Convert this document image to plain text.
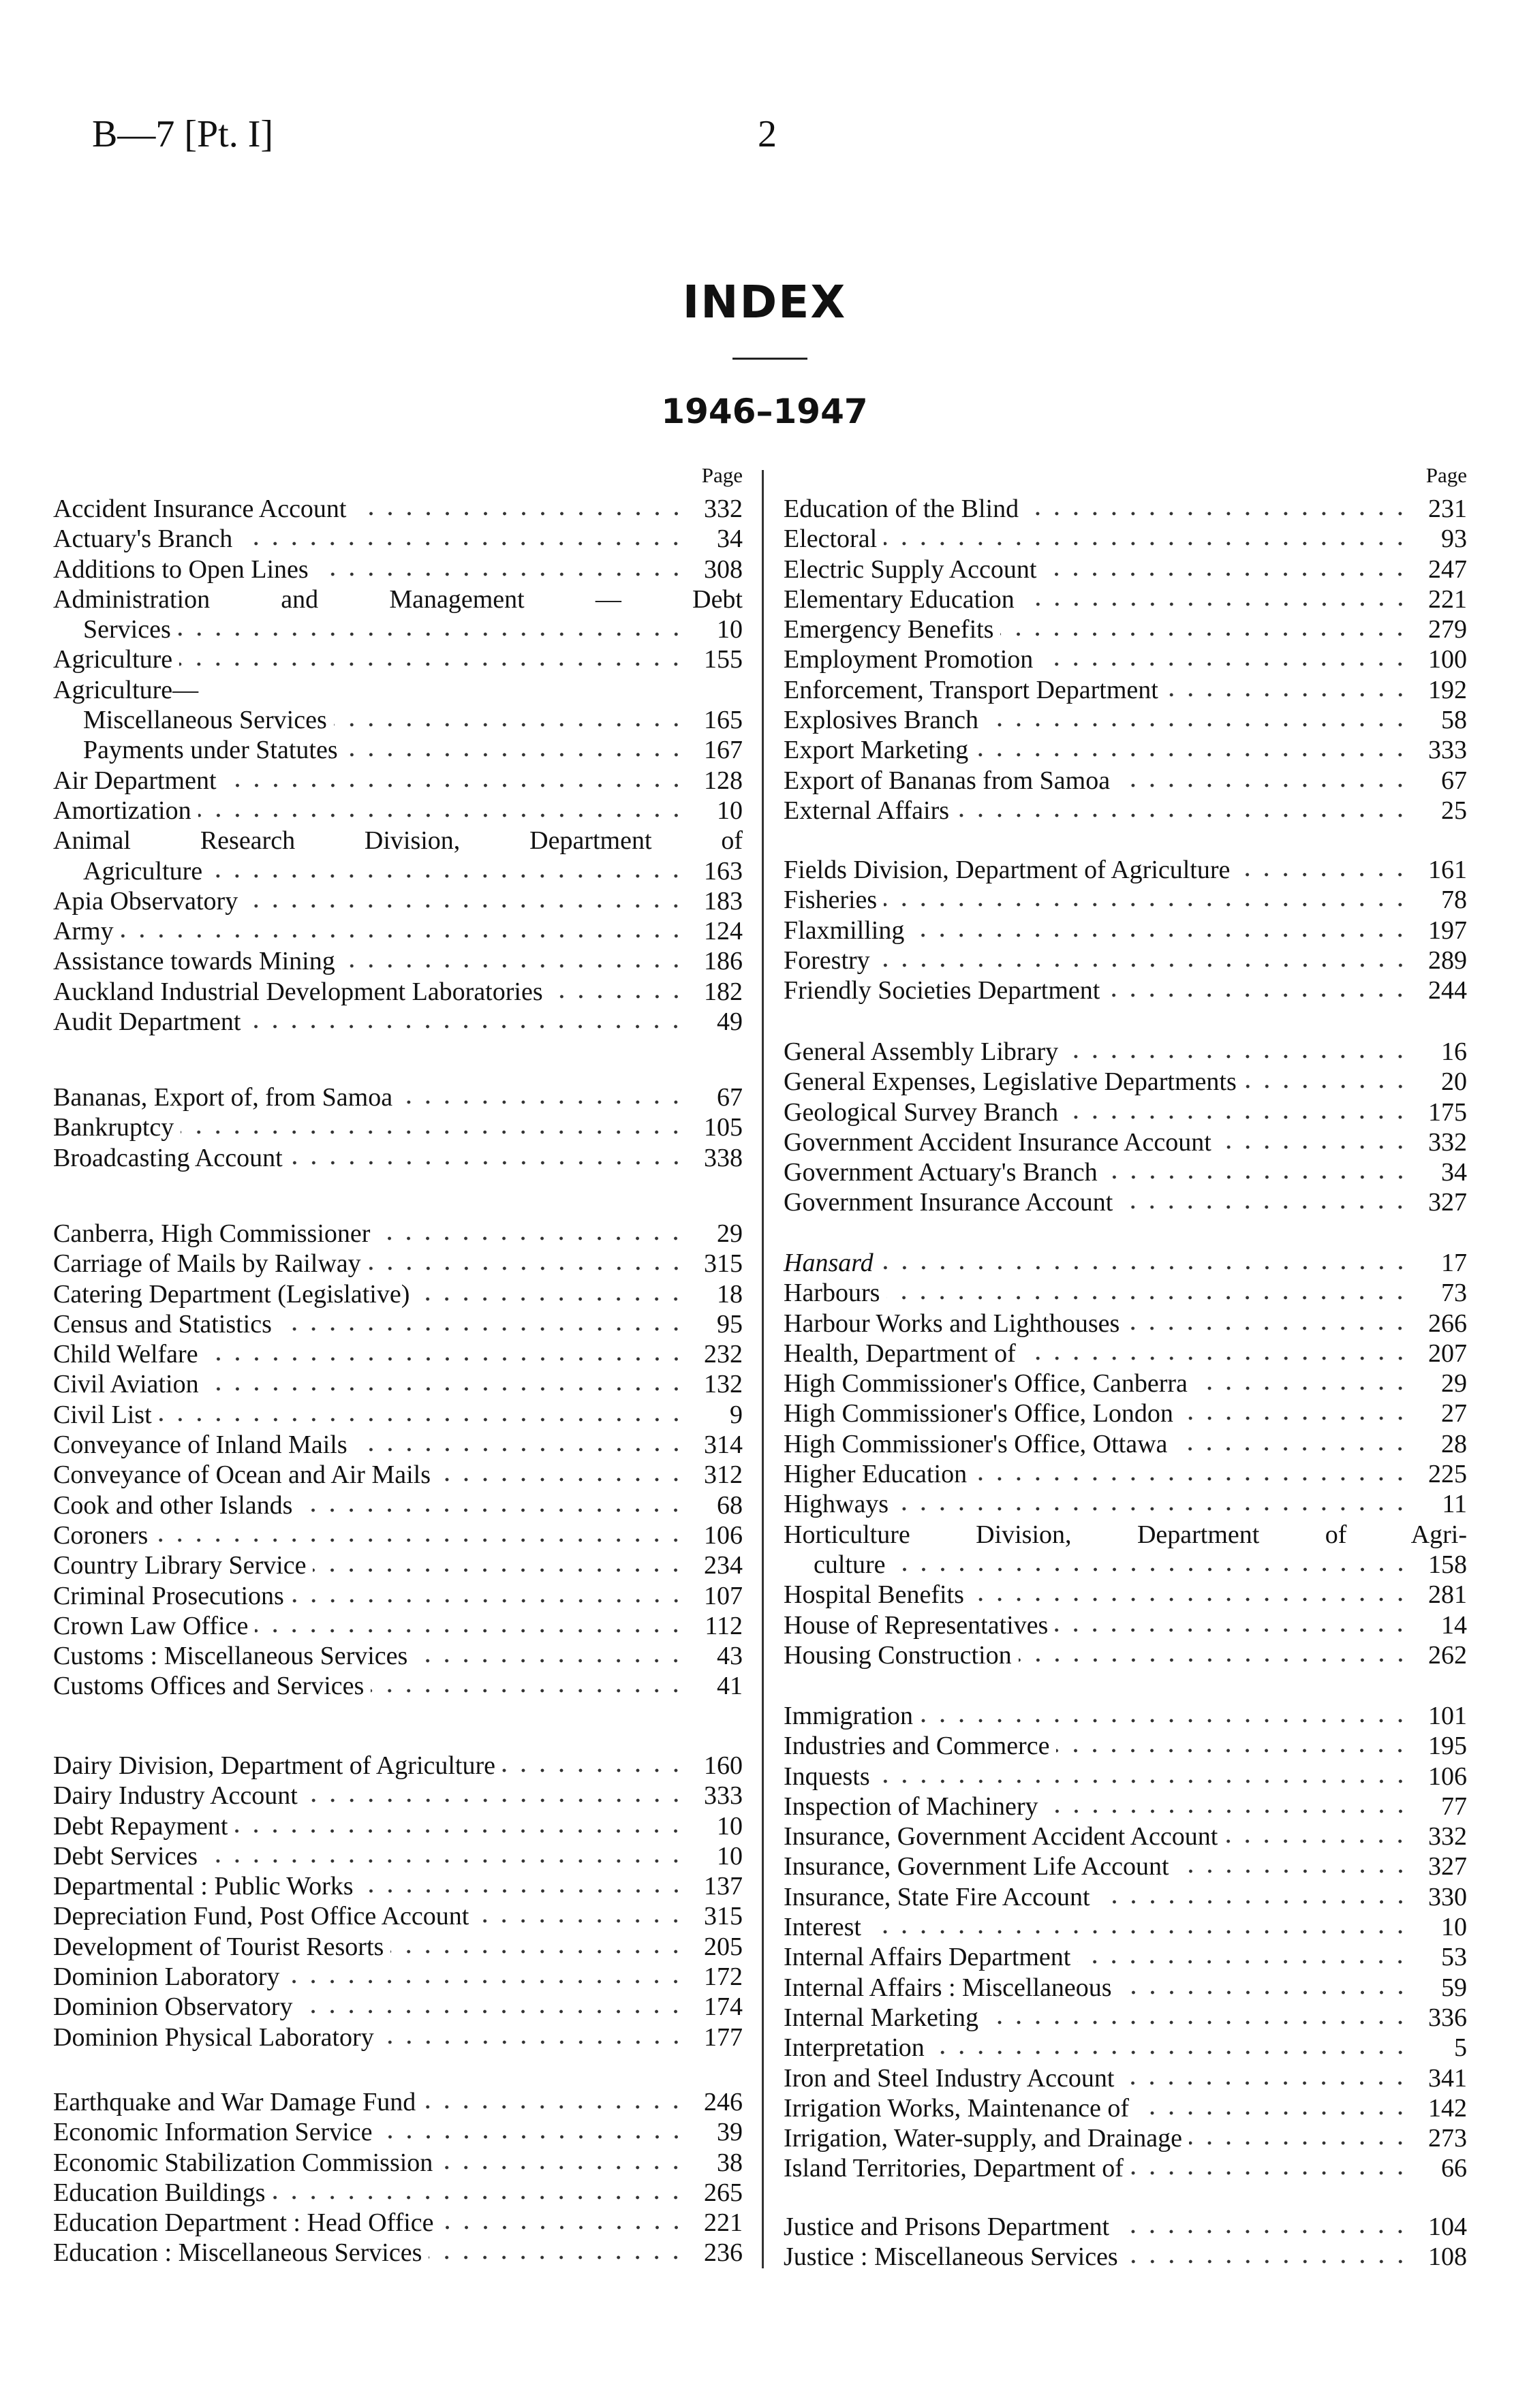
B—7 [Pt. I]	2
INDEX
1946–1947
Page
Accident Insurance Account	332
Actuary's Branch	34
Additions to Open Lines	308
Administration and Management — Debt
Services	10
Agriculture	155
Agriculture—
Miscellaneous Services	165
Payments under Statutes	167
Air Department	128
Amortization	10
Animal Research Division, Department of
Agriculture	163
Apia Observatory	183
Army	124
Assistance towards Mining	186
Auckland Industrial Development Laboratories	182
Audit Department	49
Bananas, Export of, from Samoa	67
Bankruptcy	105
Broadcasting Account	338
Canberra, High Commissioner	29
Carriage of Mails by Railway	315
Catering Department (Legislative)	18
Census and Statistics	95
Child Welfare	232
Civil Aviation	132
Civil List	9
Conveyance of Inland Mails	314
Conveyance of Ocean and Air Mails	312
Cook and other Islands	68
Coroners	106
Country Library Service	234
Criminal Prosecutions	107
Crown Law Office	112
Customs : Miscellaneous Services	43
Customs Offices and Services	41
Dairy Division, Department of Agriculture	160
Dairy Industry Account	333
Debt Repayment	10
Debt Services	10
Departmental : Public Works	137
Depreciation Fund, Post Office Account	315
Development of Tourist Resorts	205
Dominion Laboratory	172
Dominion Observatory	174
Dominion Physical Laboratory	177
Earthquake and War Damage Fund	246
Economic Information Service	39
Economic Stabilization Commission	38
Education Buildings	265
Education Department : Head Office	221
Education : Miscellaneous Services	236
Page
Education of the Blind	231
Electoral	93
Electric Supply Account	247
Elementary Education	221
Emergency Benefits	279
Employment Promotion	100
Enforcement, Transport Department	192
Explosives Branch	58
Export Marketing	333
Export of Bananas from Samoa	67
External Affairs	25
Fields Division, Department of Agriculture	161
Fisheries	78
Flaxmilling	197
Forestry	289
Friendly Societies Department	244
General Assembly Library	16
General Expenses, Legislative Departments	20
Geological Survey Branch	175
Government Accident Insurance Account	332
Government Actuary's Branch	34
Government Insurance Account	327
Hansard	17
Harbours	73
Harbour Works and Lighthouses	266
Health, Department of	207
High Commissioner's Office, Canberra	29
High Commissioner's Office, London	27
High Commissioner's Office, Ottawa	28
Higher Education	225
Highways	11
Horticulture Division, Department of Agri-
culture	158
Hospital Benefits	281
House of Representatives	14
Housing Construction	262
Immigration	101
Industries and Commerce	195
Inquests	106
Inspection of Machinery	77
Insurance, Government Accident Account	332
Insurance, Government Life Account	327
Insurance, State Fire Account	330
Interest	10
Internal Affairs Department	53
Internal Affairs : Miscellaneous	59
Internal Marketing	336
Interpretation	5
Iron and Steel Industry Account	341
Irrigation Works, Maintenance of	142
Irrigation, Water-supply, and Drainage	273
Island Territories, Department of	66
Justice and Prisons Department	104
Justice : Miscellaneous Services	108
